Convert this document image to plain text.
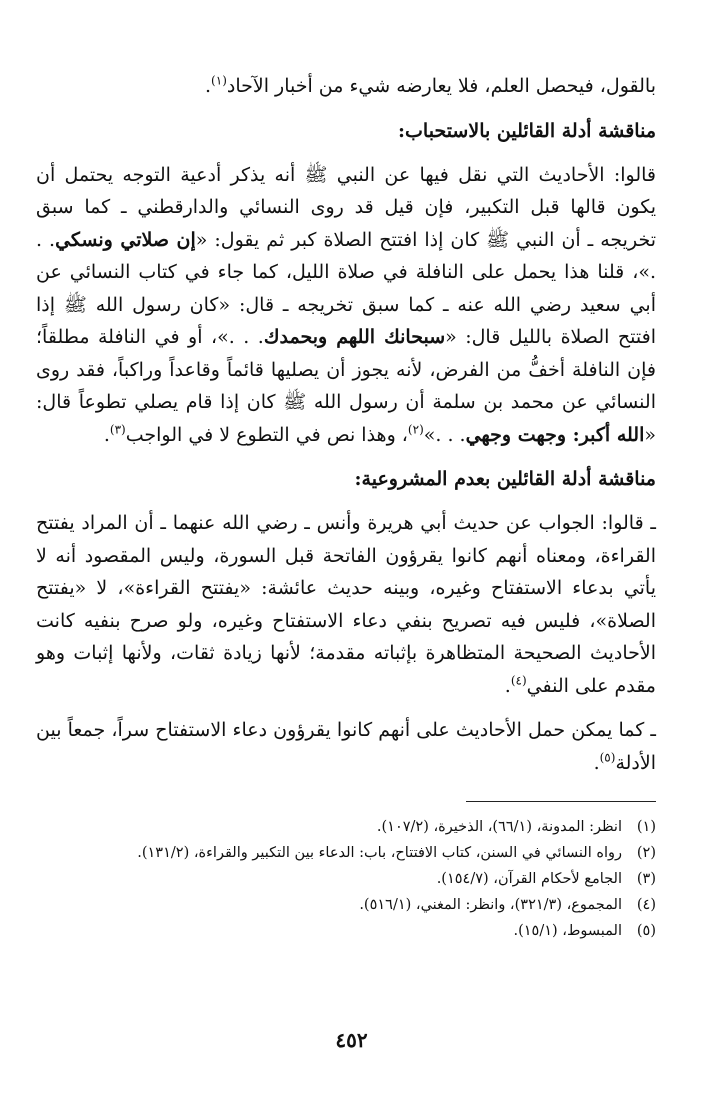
بالقول، فيحصل العلم، فلا يعارضه شيء من أخبار الآحاد$^{(١)}$.

مناقشة أدلة القائلين بالاستحباب:

قالوا: الأحاديث التي نقل فيها عن النبي ﷺ أنه يذكر أدعية التوجه يحتمل أن يكون قالها قبل التكبير، فإن قيل قد روى النسائي والدارقطني ـ كما سبق تخريجه ـ أن النبي ﷺ كان إذا افتتح الصلاة كبر ثم يقول: «إن صلاتي ونسكي. . .»، قلنا هذا يحمل على النافلة في صلاة الليل، كما جاء في كتاب النسائي عن أبي سعيد رضي الله عنه ـ كما سبق تخريجه ـ قال: «كان رسول الله ﷺ إذا افتتح الصلاة بالليل قال: «سبحانك اللهم وبحمدك. . .»، أو في النافلة مطلقاً؛ فإن النافلة أخفُّ من الفرض، لأنه يجوز أن يصليها قائماً وقاعداً وراكباً، فقد روى النسائي عن محمد بن سلمة أن رسول الله ﷺ كان إذا قام يصلي تطوعاً قال: «الله أكبر: وجهت وجهي. . .»$^{(٢)}$، وهذا نص في التطوع لا في الواجب$^{(٣)}$.

مناقشة أدلة القائلين بعدم المشروعية:

ـ قالوا: الجواب عن حديث أبي هريرة وأنس ـ رضي الله عنهما ـ أن المراد يفتتح القراءة، ومعناه أنهم كانوا يقرؤون الفاتحة قبل السورة، وليس المقصود أنه لا يأتي بدعاء الاستفتاح وغيره، وبينه حديث عائشة: «يفتتح القراءة»، لا «يفتتح الصلاة»، فليس فيه تصريح بنفي دعاء الاستفتاح وغيره، ولو صرح بنفيه كانت الأحاديث الصحيحة المتظاهرة بإثباته مقدمة؛ لأنها زيادة ثقات، ولأنها إثبات وهو مقدم على النفي$^{(٤)}$.

ـ كما يمكن حمل الأحاديث على أنهم كانوا يقرؤون دعاء الاستفتاح سراً، جمعاً بين الأدلة$^{(٥)}$.

(١)انظر: المدونة، (٦٦/١)، الذخيرة، (١٠٧/٢).

(٢)رواه النسائي في السنن، كتاب الافتتاح، باب: الدعاء بين التكبير والقراءة، (١٣١/٢).

(٣)الجامع لأحكام القرآن، (١٥٤/٧).

(٤)المجموع، (٣٢١/٣)، وانظر: المغني، (٥١٦/١).

(٥)المبسوط، (١٥/١).

٤٥٢
